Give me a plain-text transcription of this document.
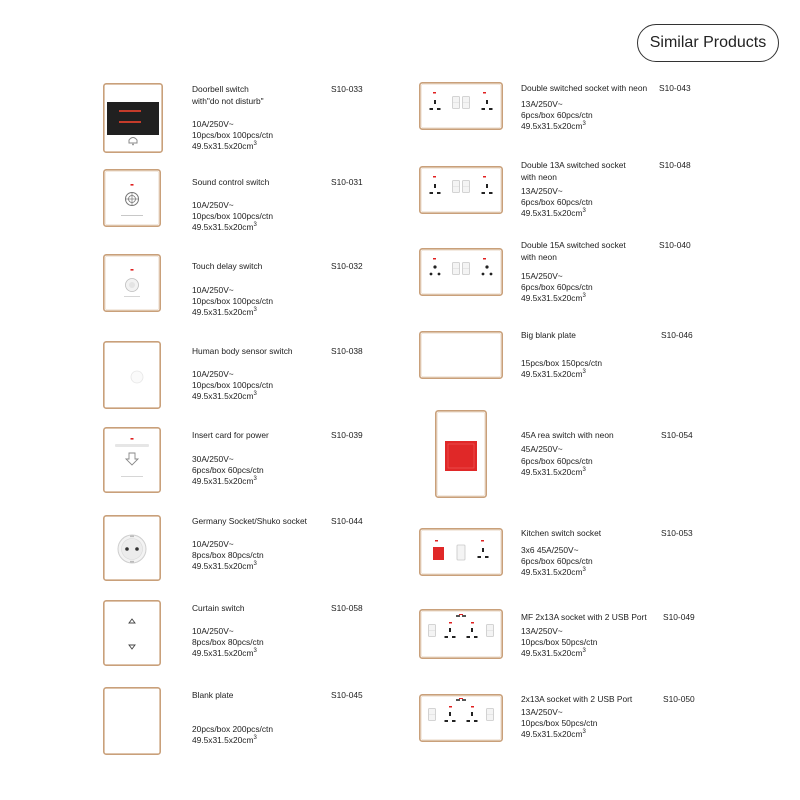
Similar Products
Doorbell switch
with"do not disturb"
S10-033
10A/250V~
10pcs/box 100pcs/ctn
$49.5x31.5x20cm^3$
Sound control switch	S10-031
10A/250V~
10pcs/box 100pcs/ctn
$49.5x31.5x20cm^3$
Touch delay switch	S10-032
10A/250V~
10pcs/box 100pcs/ctn
$49.5x31.5x20cm^3$
Human body sensor switch	S10-038
10A/250V~
10pcs/box 100pcs/ctn
$49.5x31.5x20cm^3$
Insert card for power	S10-039
30A/250V~
6pcs/box 60pcs/ctn
$49.5x31.5x20cm^3$
Germany Socket/Shuko socket	S10-044
10A/250V~
8pcs/box 80pcs/ctn
$49.5x31.5x20cm^3$
Curtain switch	S10-058
10A/250V~
8pcs/box 80pcs/ctn
$49.5x31.5x20cm^3$
Blank plate	S10-045
20pcs/box 200pcs/ctn
$49.5x31.5x20cm^3$
Double switched socket with neon S10-043
13A/250V~
6pcs/box 60pcs/ctn
$49.5x31.5x20cm^3$
Double 13A switched socket
with neon
S10-048
13A/250V~
6pcs/box 60pcs/ctn
$49.5x31.5x20cm^3$
Double 15A switched socket
with neon
S10-040
15A/250V~
6pcs/box 60pcs/ctn
$49.5x31.5x20cm^3$
Big blank plate	S10-046
15pcs/box 150pcs/ctn
$49.5x31.5x20cm^3$
45A rea switch with neon	S10-054
45A/250V~
6pcs/box 60pcs/ctn
$49.5x31.5x20cm^3$
Kitchen switch socket	S10-053
3x6 45A/250V~
6pcs/box 60pcs/ctn
$49.5x31.5x20cm^3$
MF 2x13A socket with 2 USB Port S10-049
13A/250V~
10pcs/box 50pcs/ctn
$49.5x31.5x20cm^3$
2x13A socket with 2 USB Port	S10-050
13A/250V~
10pcs/box 50pcs/ctn
$49.5x31.5x20cm^3$
